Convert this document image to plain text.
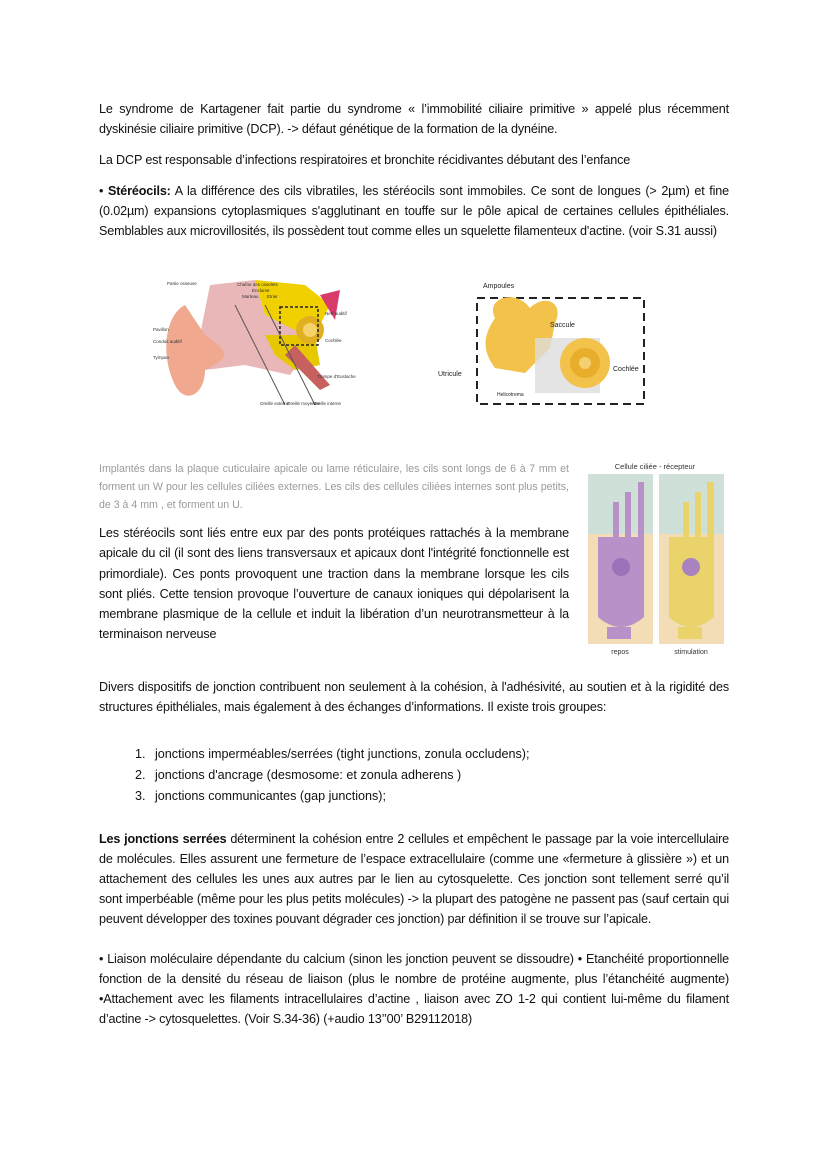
Le syndrome de Kartagener fait partie du syndrome « l’immobilité ciliaire primitive » appelé plus récemment dyskinésie ciliaire primitive (DCP). -> défaut génétique de la formation de la dynéine.
La DCP est responsable d’infections respiratoires et bronchite récidivantes débutant des l’enfance
• Stéréocils: A la différence des cils vibratiles, les stéréocils sont immobiles. Ce sont de longues (> 2µm) et fine (0.02µm) expansions cytoplasmiques s'agglutinant en touffe sur le pôle apical de certaines cellules épithéliales. Semblables aux microvillosités, ils possèdent tout comme elles un squelette filamenteux d'actine. (voir S.31 aussi)
Partie osseuse	Chaîne des osselets
Enclume
Marteau Etrier
Nerf auditif
Pavillon
Conduit auditif
Tympan
Cochlée
Trompe d'Eustache
Oreille externe
Oreille moyenne
Oreille interne
Ampoules
Saccule
Utricule
Cochlée
Helicotrema
Implantés dans la plaque cuticulaire apicale ou lame réticulaire, les cils sont longs de 6 à 7 mm et forment un W pour les cellules ciliées externes. Les cils des cellules ciliées internes sont plus petits, de 3 à 4 mm , et forment un U.
Cellule ciliée - récepteur
repos	stimulation
Les stéréocils sont liés entre eux par des ponts protéiques rattachés à la membrane apicale du cil (il sont des liens transversaux et apicaux dont l'intégrité fonctionnelle est primordiale). Ces ponts provoquent une traction dans la membrane lorsque les cils sont pliés. Cette tension provoque l’ouverture de canaux ioniques qui dépolarisent la membrane plasmique de la cellule et induit la libération d’un neurotransmetteur à la terminaison nerveuse
Divers dispositifs de jonction contribuent non seulement à la cohésion, à l'adhésivité, au soutien et à la rigidité des structures épithéliales, mais également à des échanges d’informations. Il existe trois groupes:
1. jonctions imperméables/serrées (tight junctions, zonula occludens);
2. jonctions d'ancrage (desmosome: et zonula adherens )
3. jonctions communicantes (gap junctions);
Les jonctions serrées déterminent la cohésion entre 2 cellules et empêchent le passage par la voie intercellulaire de molécules. Elles assurent une fermeture de l’espace extracellulaire (comme une «fermeture à glissière ») et un attachement des cellules les unes aux autres par le lien au cytosquelette. Ces jonction sont tellement serré qu’il sont imperbéable (même pour les plus petits molécules) -> la plupart des patogène ne passent pas (sauf certain qui peuvent développer des toxines pouvant dégrader ces jonction) par définition il se trouve sur l’apicale.
• Liaison moléculaire dépendante du calcium (sinon les jonction peuvent se dissoudre) • Etanchéité proportionnelle fonction de la densité du réseau de liaison (plus le nombre de protéine augmente, plus l’étanchéité augmente) •Attachement avec les filaments intracellulaires d’actine , liaison avec ZO 1-2 qui contient lui-même du filament d’actine -> cytosquelettes. (Voir S.34-36) (+audio 13’’00’ B29112018)
